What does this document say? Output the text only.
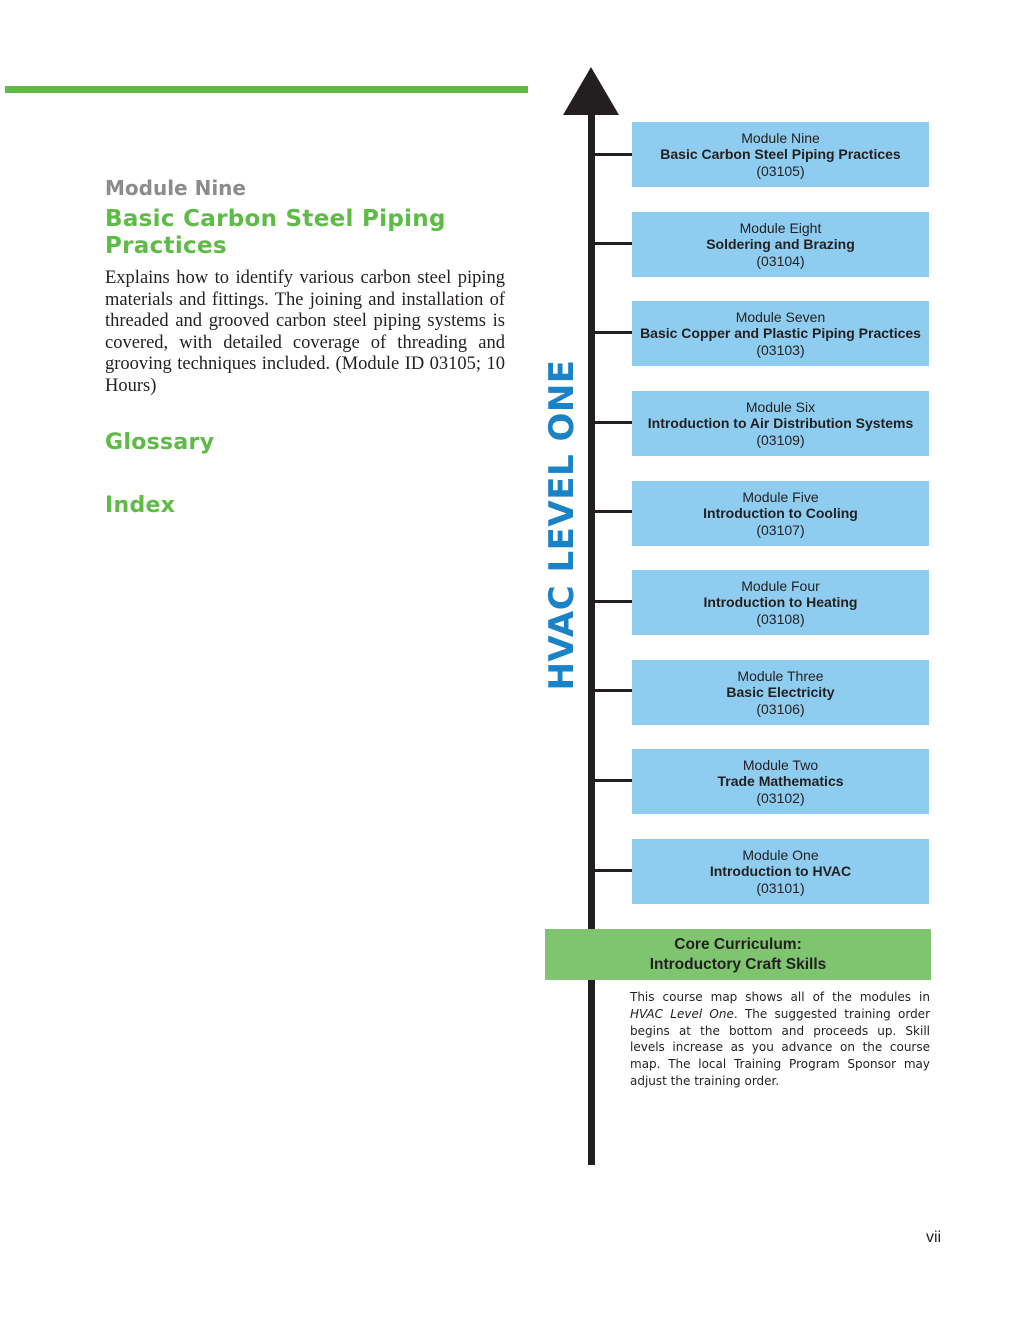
Module Nine

Basic Carbon Steel Piping Practices

Explains how to identify various carbon steel piping materials and fittings. The joining and installation of threaded and grooved carbon steel piping systems is covered, with detailed coverage of threading and grooving techniques included. (Module ID 03105; 10 Hours)

Glossary

Index	HVAC LEVEL ONE
Module Nine
Basic Carbon Steel Piping Practices
(03105)
Module Eight
Soldering and Brazing
(03104)
Module Seven
Basic Copper and Plastic Piping Practices
(03103)
Module Six
Introduction to Air Distribution Systems
(03109)
Module Five
Introduction to Cooling
(03107)
Module Four
Introduction to Heating
(03108)
Module Three
Basic Electricity
(03106)
Module Two
Trade Mathematics
(03102)
Module One
Introduction to HVAC
(03101)
Core Curriculum:
Introductory Craft Skills

This course map shows all of the modules in HVAC Level One. The suggested training order begins at the bottom and proceeds up. Skill levels increase as you advance on the course map. The local Training Program Sponsor may adjust the training order.

vii
